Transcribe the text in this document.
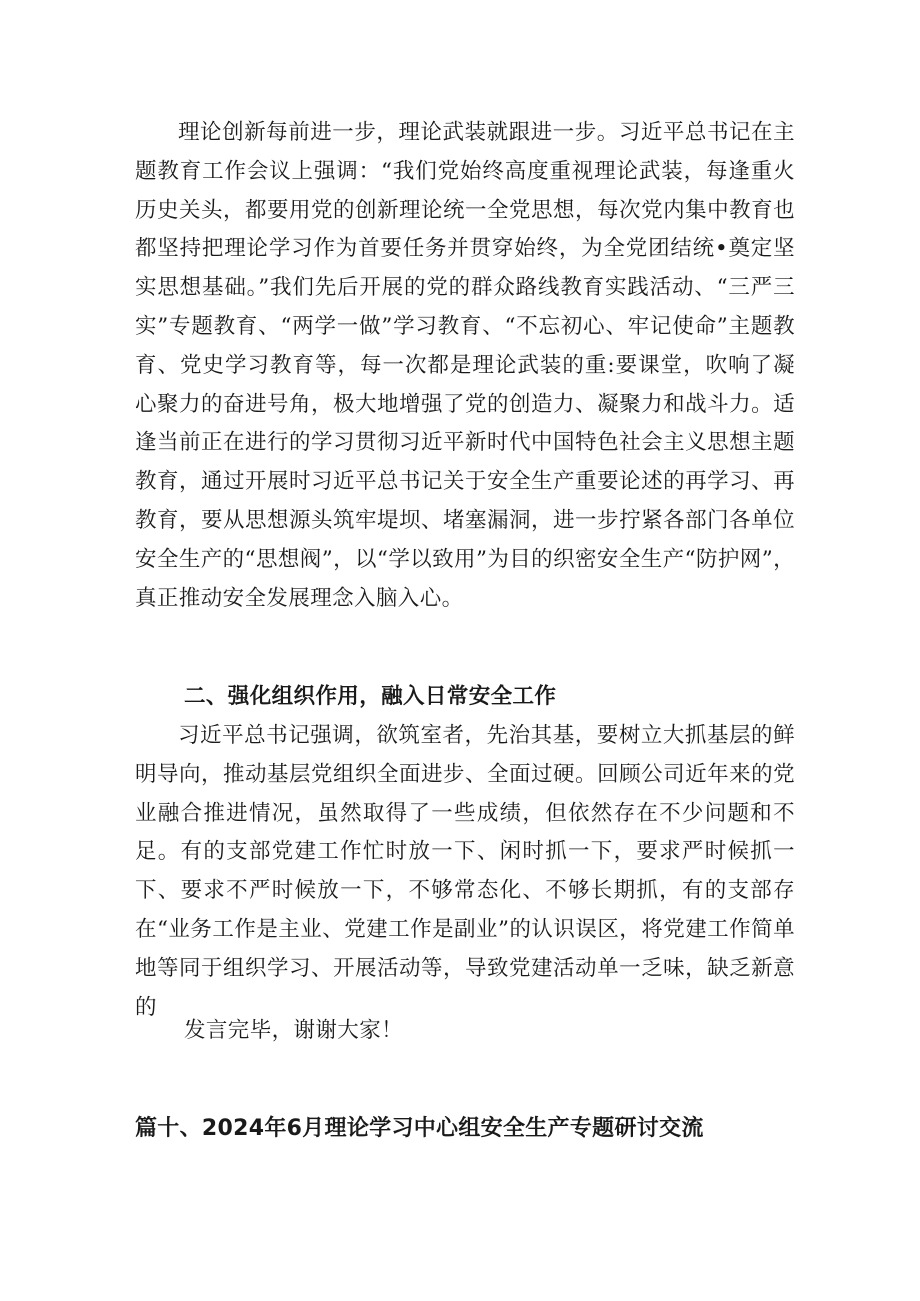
理论创新每前进一步，理论武装就跟进一步。习近平总书记在主题教育工作会议上强调：“我们党始终高度重视理论武装，每逢重火历史关头，都要用党的创新理论统一全党思想，每次党内集中教育也都坚持把理论学习作为首要任务并贯穿始终，为全党团结统•奠定坚实思想基础。”我们先后开展的党的群众路线教育实践活动、“三严三实”专题教育、“两学一做”学习教育、“不忘初心、牢记使命”主题教育、党史学习教育等，每一次都是理论武装的重:要课堂，吹响了凝心聚力的奋进号角，极大地增强了党的创造力、凝聚力和战斗力。适逢当前正在进行的学习贯彻习近平新时代中国特色社会主义思想主题教育，通过开展时习近平总书记关于安全生产重要论述的再学习、再教育，要从思想源头筑牢堤坝、堵塞漏洞，进一步拧紧各部门各单位安全生产的“思想阀”，以“学以致用”为目的织密安全生产“防护网”，真正推动安全发展理念入脑入心。

二、强化组织作用，融入日常安全工作

习近平总书记强调，欲筑室者，先治其基，要树立大抓基层的鲜明导向，推动基层党组织全面进步、全面过硬。回顾公司近年来的党业融合推进情况，虽然取得了一些成绩，但依然存在不少问题和不足。有的支部党建工作忙时放一下、闲时抓一下，要求严时候抓一下、要求不严时候放一下，不够常态化、不够长期抓，有的支部存在“业务工作是主业、党建工作是副业”的认识误区，将党建工作简单地等同于组织学习、开展活动等，导致党建活动单一乏味，缺乏新意的

发言完毕，谢谢大家！

篇十、2024年6月理论学习中心组安全生产专题研讨交流
